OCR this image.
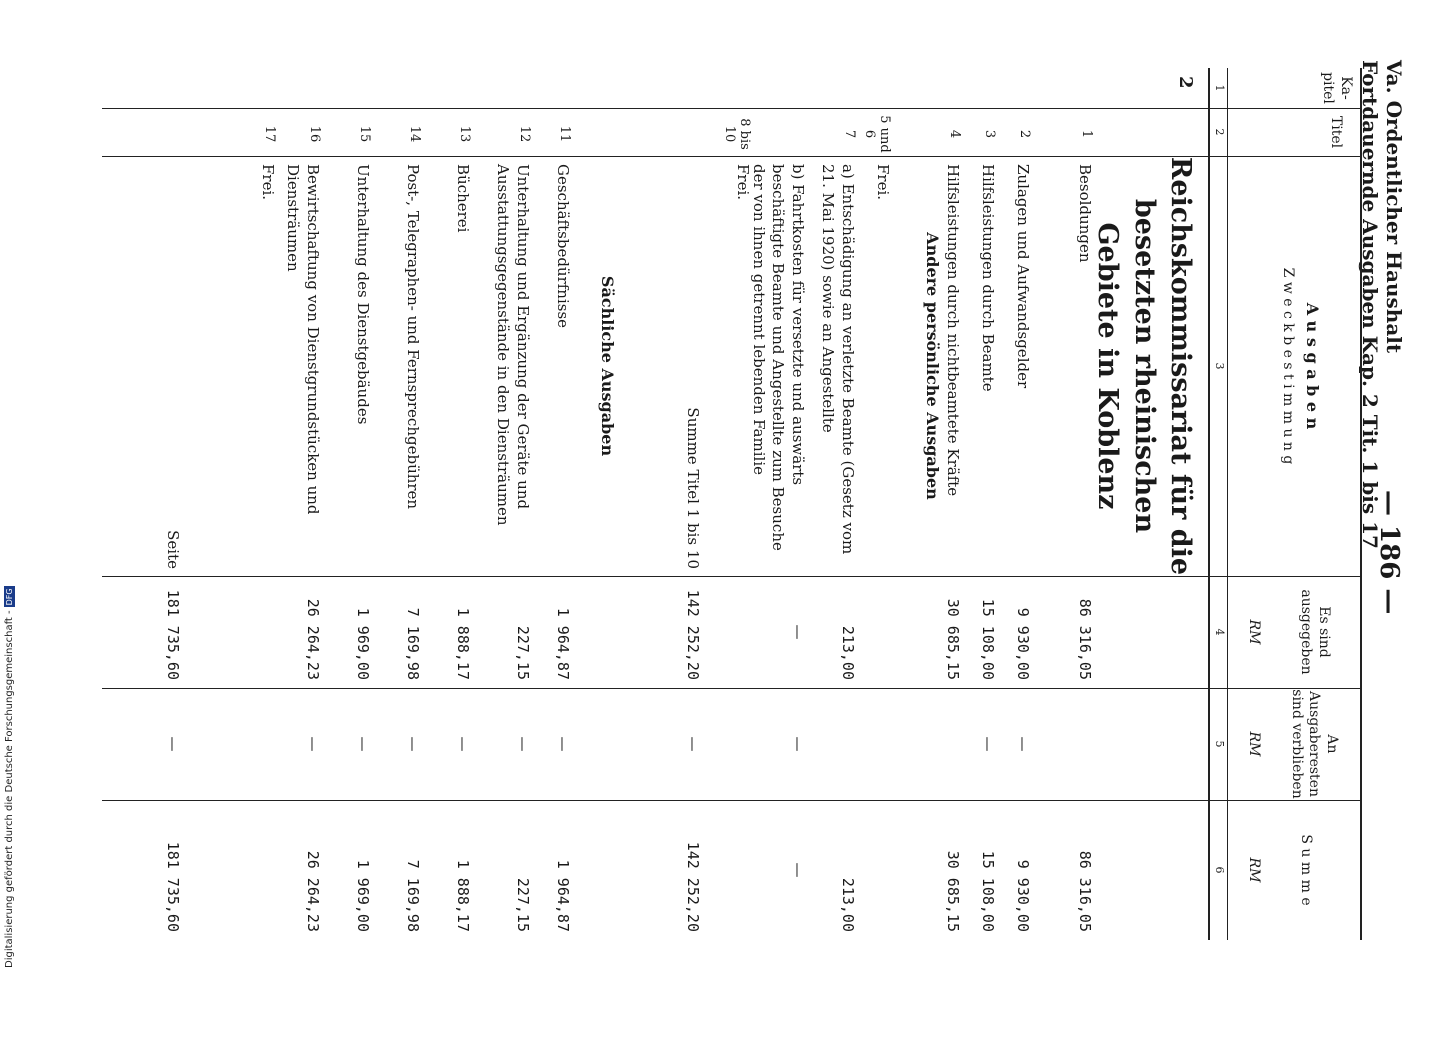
Va. Ordentlicher Haushalt
Fortdauernde Ausgaben Kap. 2 Tit. 1 bis 17
— 186 —
Ka-
pitel
Titel
A u s g a b e n
Z w e c k b e s t i m m u n g
Es sind
ausgegeben
RM
An
Ausgaberesten
sind verblieben
RM
S u m m e
RM
1
2
3
4
5
6
2
Reichskommissariat für die besetzten rheinischen Gebiete in Koblenz
1
Besoldungen
86 316,05
86 316,05
2
Zulagen und Aufwandsgelder
9 930,00
—
9 930,00
3
Hilfsleistungen durch Beamte
15 108,00
—
15 108,00
4
Hilfsleistungen durch nichtbeamtete Kräfte
30 685,15
30 685,15
5 und 6
Frei.
7
a) Entschädigung an verletzte Beamte (Gesetz vom 21. Mai 1920) sowie an Angestellte
213,00
213,00
b) Fahrtkosten für versetzte und auswärts beschäftigte Beamte und Angestellte zum Besuche der von ihnen getrennt lebenden Familie
—
—
—
8 bis 10
Frei.
Summe Titel 1 bis 10
142 252,20
—
142 252,20
11
Geschäftsbedürfnisse
1 964,87
—
1 964,87
12
Unterhaltung und Ergänzung der Geräte und Ausstattungsgegenstände in den Diensträumen
227,15
—
227,15
13
Bücherei
1 888,17
—
1 888,17
14
Post-, Telegraphen- und Fernsprechgebühren
7 169,98
—
7 169,98
15
Unterhaltung des Dienstgebäudes
1 969,00
—
1 969,00
16
Bewirtschaftung von Dienstgrundstücken und Diensträumen
26 264,23
—
26 264,23
17
Frei.
Seite
181 735,60
—
181 735,60
Andere persönliche Ausgaben
Sächliche Ausgaben
Digitalisierung gefördert durch die Deutsche Forschungsgemeinschaft -DFG
